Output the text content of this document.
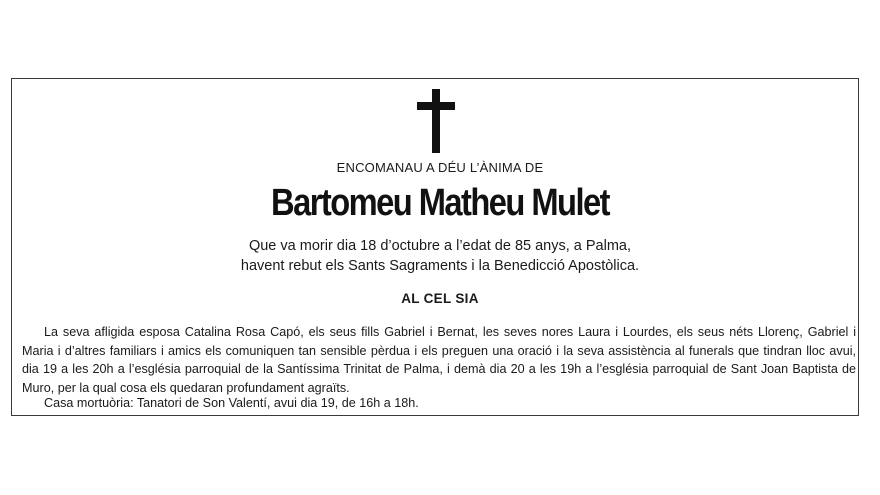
ENCOMANAU A DÉU L’ÀNIMA DE
Bartomeu Matheu Mulet
Que va morir dia 18 d’octubre a l’edat de 85 anys, a Palma,
havent rebut els Sants Sagraments i la Benedicció Apostòlica.
AL CEL SIA

La seva afligida esposa Catalina Rosa Capó, els seus fills Gabriel i Bernat, les seves nores Laura i Lourdes, els seus néts Llorenç, Gabriel i Maria i d’altres familiars i amics els comuniquen tan sensible pèrdua i els preguen una oració i la seva assistència al funerals que tindran lloc avui, dia 19 a les 20h a l’església parroquial de la Santíssima Trinitat de Palma, i demà dia 20 a les 19h a l’església parroquial de Sant Joan Baptista de Muro, per la qual cosa els quedaran profundament agraïts.

Casa mortuòria: Tanatori de Son Valentí, avui dia 19, de 16h a 18h.
